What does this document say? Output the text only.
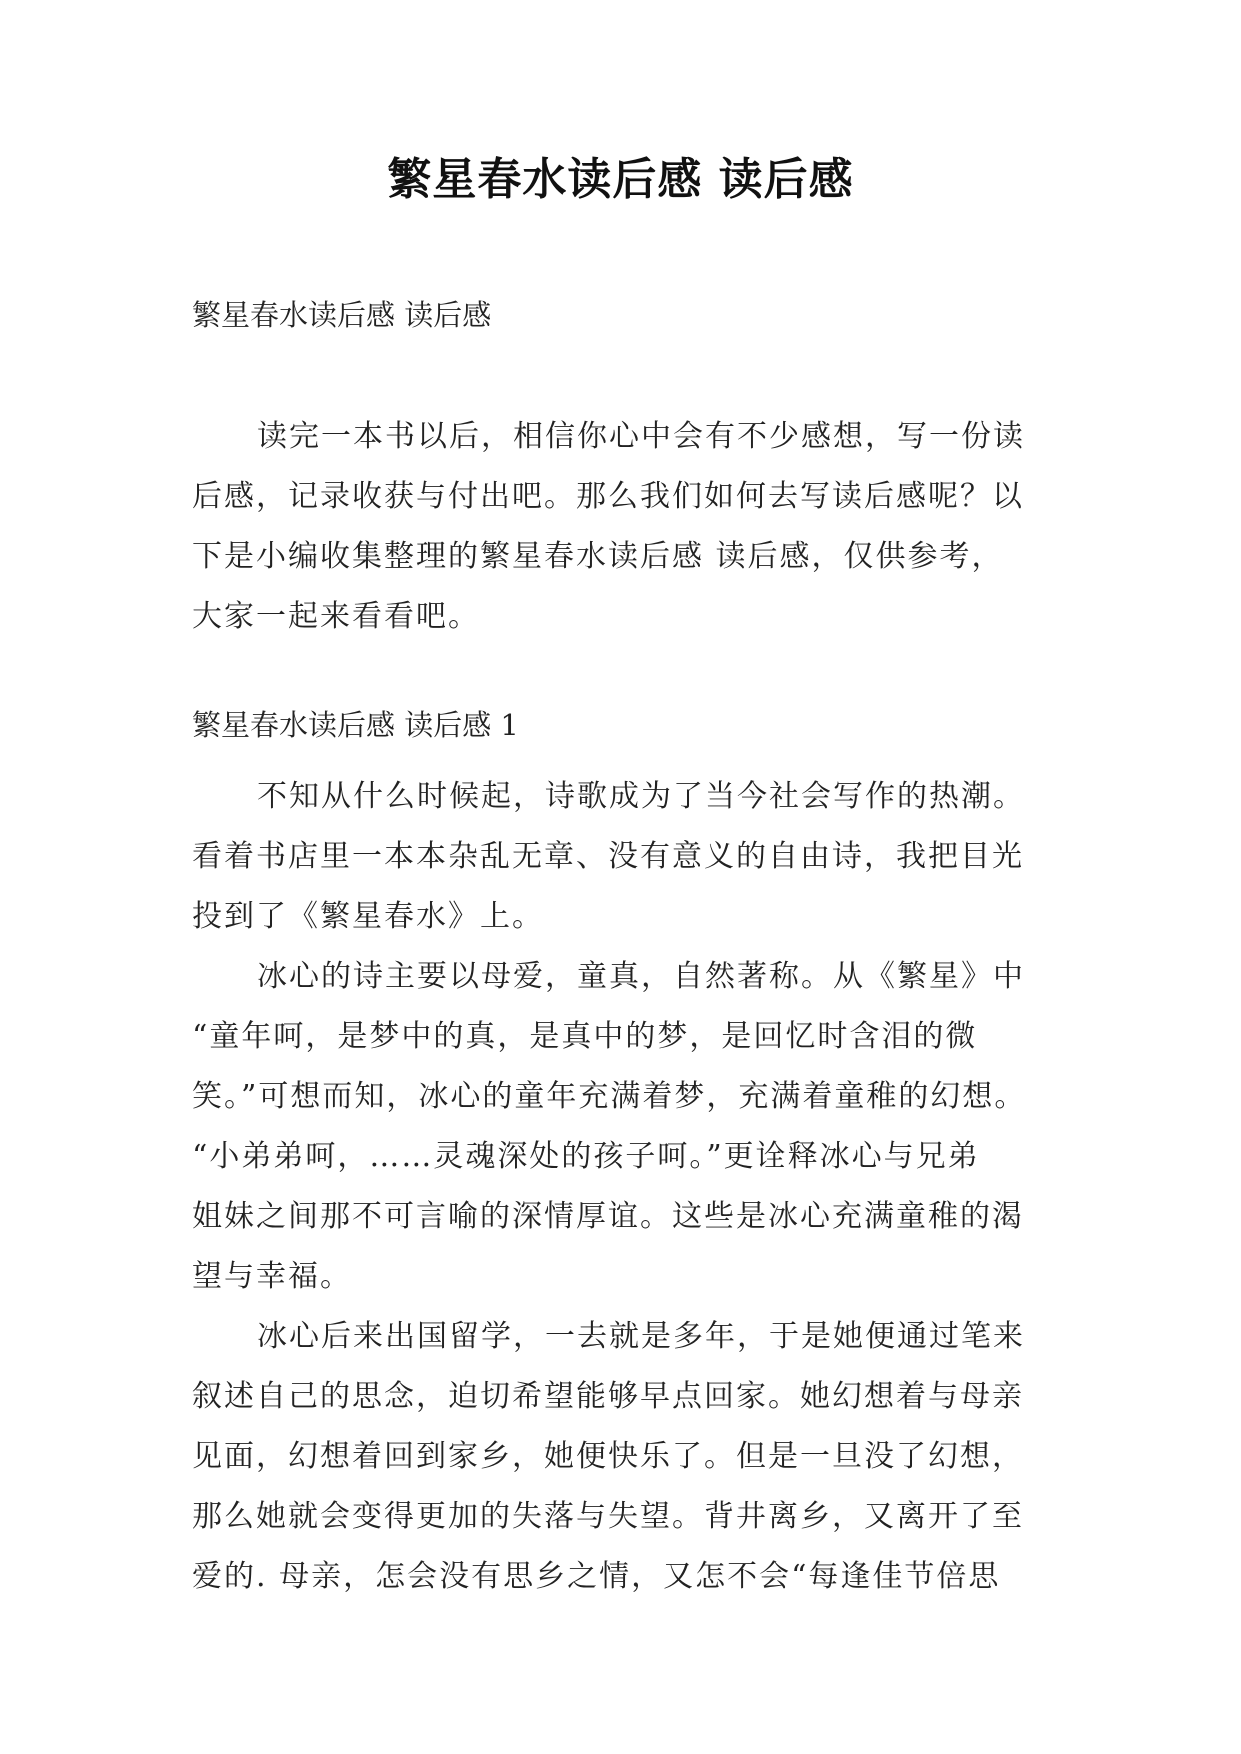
繁星春水读后感 读后感
繁星春水读后感 读后感
读完一本书以后，相信你心中会有不少感想，写一份读
后感，记录收获与付出吧。那么我们如何去写读后感呢？以
下是小编收集整理的繁星春水读后感 读后感，仅供参考，
大家一起来看看吧。
繁星春水读后感 读后感 1
不知从什么时候起，诗歌成为了当今社会写作的热潮。
看着书店里一本本杂乱无章、没有意义的自由诗，我把目光
投到了《繁星春水》上。
冰心的诗主要以母爱，童真，自然著称。从《繁星》中
“童年呵，是梦中的真，是真中的梦，是回忆时含泪的微
笑。”可想而知，冰心的童年充满着梦，充满着童稚的幻想。
“小弟弟呵，……灵魂深处的孩子呵。”更诠释冰心与兄弟
姐妹之间那不可言喻的深情厚谊。这些是冰心充满童稚的渴
望与幸福。
冰心后来出国留学，一去就是多年，于是她便通过笔来
叙述自己的思念，迫切希望能够早点回家。她幻想着与母亲
见面，幻想着回到家乡，她便快乐了。但是一旦没了幻想，
那么她就会变得更加的失落与失望。背井离乡，又离开了至
爱的. 母亲，怎会没有思乡之情，又怎不会“每逢佳节倍思
